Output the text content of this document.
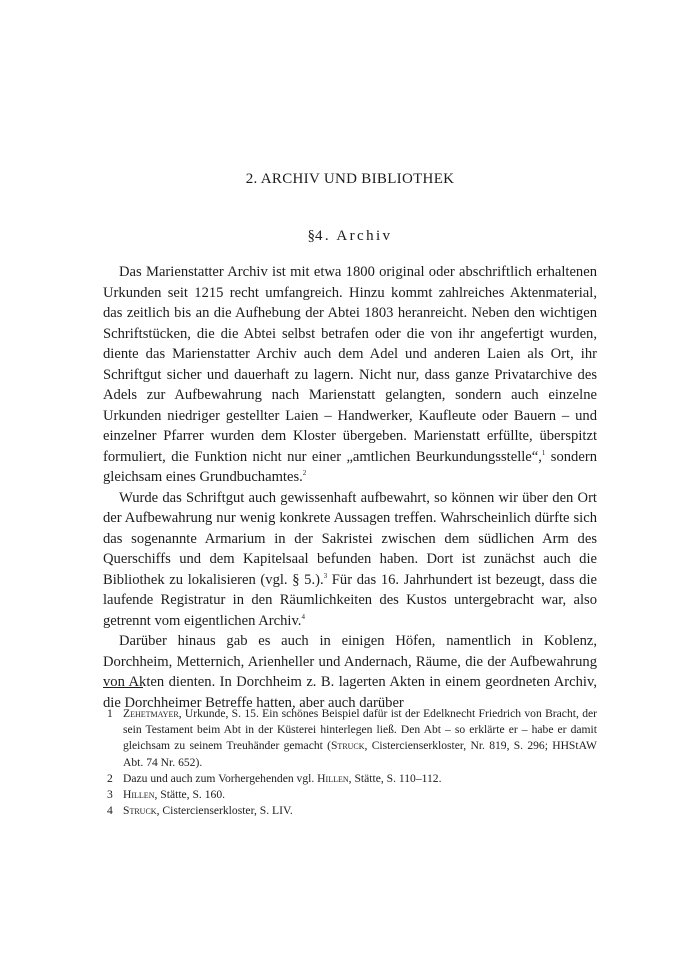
2. ARCHIV UND BIBLIOTHEK
§4. Archiv

Das Marienstatter Archiv ist mit etwa 1800 original oder abschriftlich erhaltenen Urkunden seit 1215 recht umfangreich. Hinzu kommt zahlreiches Aktenmaterial, das zeitlich bis an die Aufhebung der Abtei 1803 heranreicht. Neben den wichtigen Schriftstücken, die die Abtei selbst betrafen oder die von ihr angefertigt wurden, diente das Marienstatter Archiv auch dem Adel und anderen Laien als Ort, ihr Schriftgut sicher und dauerhaft zu lagern. Nicht nur, dass ganze Privatarchive des Adels zur Aufbewahrung nach Marienstatt gelangten, sondern auch einzelne Urkunden niedriger gestellter Laien – Handwerker, Kaufleute oder Bauern – und einzelner Pfarrer wurden dem Kloster übergeben. Marienstatt erfüllte, überspitzt formuliert, die Funktion nicht nur einer „amtlichen Beurkundungsstelle“,$^1$ sondern gleichsam eines Grundbuchamtes.$^2$

Wurde das Schriftgut auch gewissenhaft aufbewahrt, so können wir über den Ort der Aufbewahrung nur wenig konkrete Aussagen treffen. Wahrscheinlich dürfte sich das sogenannte Armarium in der Sakristei zwischen dem südlichen Arm des Querschiffs und dem Kapitelsaal befunden haben. Dort ist zunächst auch die Bibliothek zu lokalisieren (vgl. § 5.).$^3$ Für das 16. Jahrhundert ist bezeugt, dass die laufende Registratur in den Räumlichkeiten des Kustos untergebracht war, also getrennt vom eigentlichen Archiv.$^4$

Darüber hinaus gab es auch in einigen Höfen, namentlich in Koblenz, Dorchheim, Metternich, Arienheller und Andernach, Räume, die der Aufbewahrung von Akten dienten. In Dorchheim z. B. lagerten Akten in einem geordneten Archiv, die Dorchheimer Betreffe hatten, aber auch darüber

1 Zehetmayer, Urkunde, S. 15. Ein schönes Beispiel dafür ist der Edelknecht Friedrich von Bracht, der sein Testament beim Abt in der Küsterei hinterlegen ließ. Den Abt – so erklärte er – habe er damit gleichsam zu seinem Treuhänder gemacht (Struck, Cistercienserkloster, Nr. 819, S. 296; HHStAW Abt. 74 Nr. 652).
2 Dazu und auch zum Vorhergehenden vgl. Hillen, Stätte, S. 110–112.
3 Hillen, Stätte, S. 160.
4 Struck, Cistercienserkloster, S. LIV.
